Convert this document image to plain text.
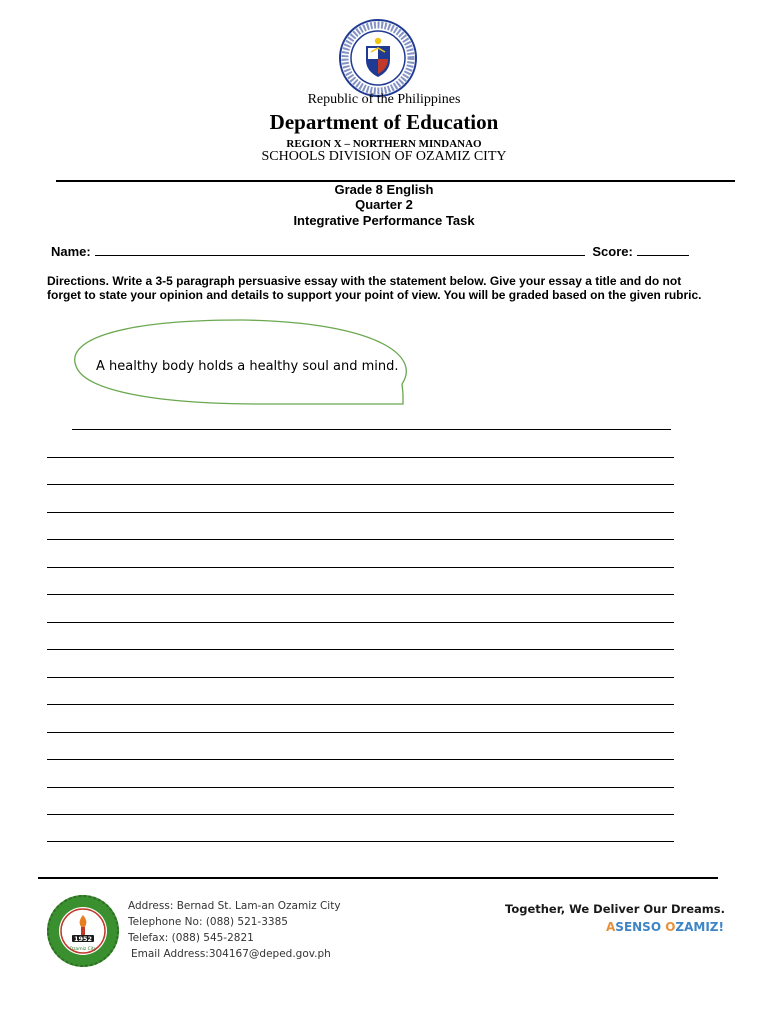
Republic of the Philippines
Department of Education
REGION X – NORTHERN MINDANAO
SCHOOLS DIVISION OF OZAMIZ CITY
Grade 8 English
Quarter 2
Integrative Performance Task
Name:	Score:
Directions. Write a 3-5 paragraph persuasive essay with the statement below. Give your essay a title and do not forget to state your opinion and details to support your point of view. You will be graded based on the given rubric.
A healthy body holds a healthy soul and mind.
1952
Ozamiz City
Address: Bernad St. Lam-an Ozamiz City
Telephone No: (088) 521-3385
Telefax: (088) 545-2821
Email Address:304167@deped.gov.ph
Together, We Deliver Our Dreams.
ASENSO OZAMIZ!
